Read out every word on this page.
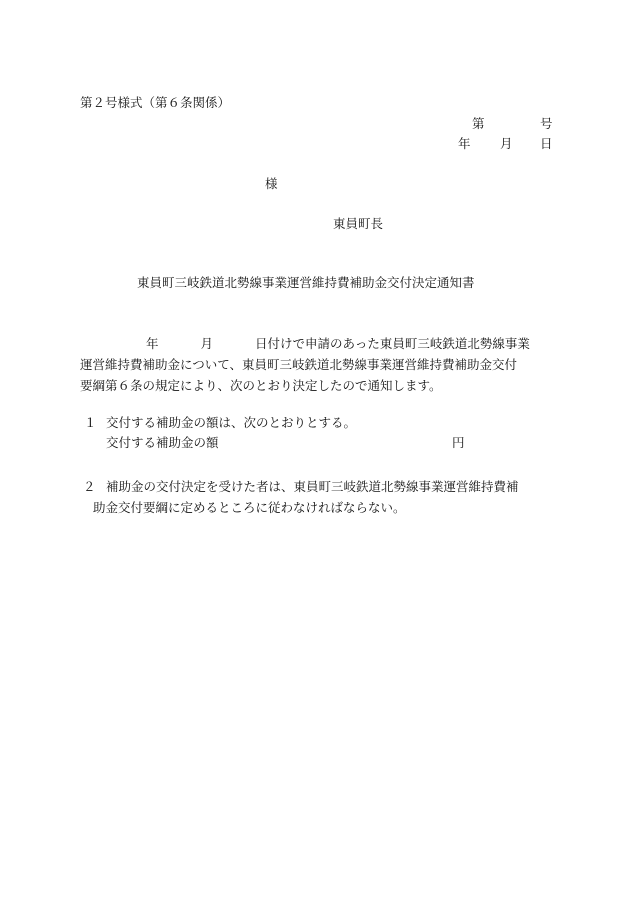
第２号様式（第６条関係）
第	号
年 月 日
様
東員町長
東員町三岐鉄道北勢線事業運営維持費補助金交付決定通知書
年	月	日付けで申請のあった東員町三岐鉄道北勢線事業
運営維持費補助金について、東員町三岐鉄道北勢線事業運営維持費補助金交付
要綱第６条の規定により、次のとおり決定したので通知します。
１ 交付する補助金の額は、次のとおりとする。
交付する補助金の額	円
２ 補助金の交付決定を受けた者は、東員町三岐鉄道北勢線事業運営維持費補
助金交付要綱に定めるところに従わなければならない。
